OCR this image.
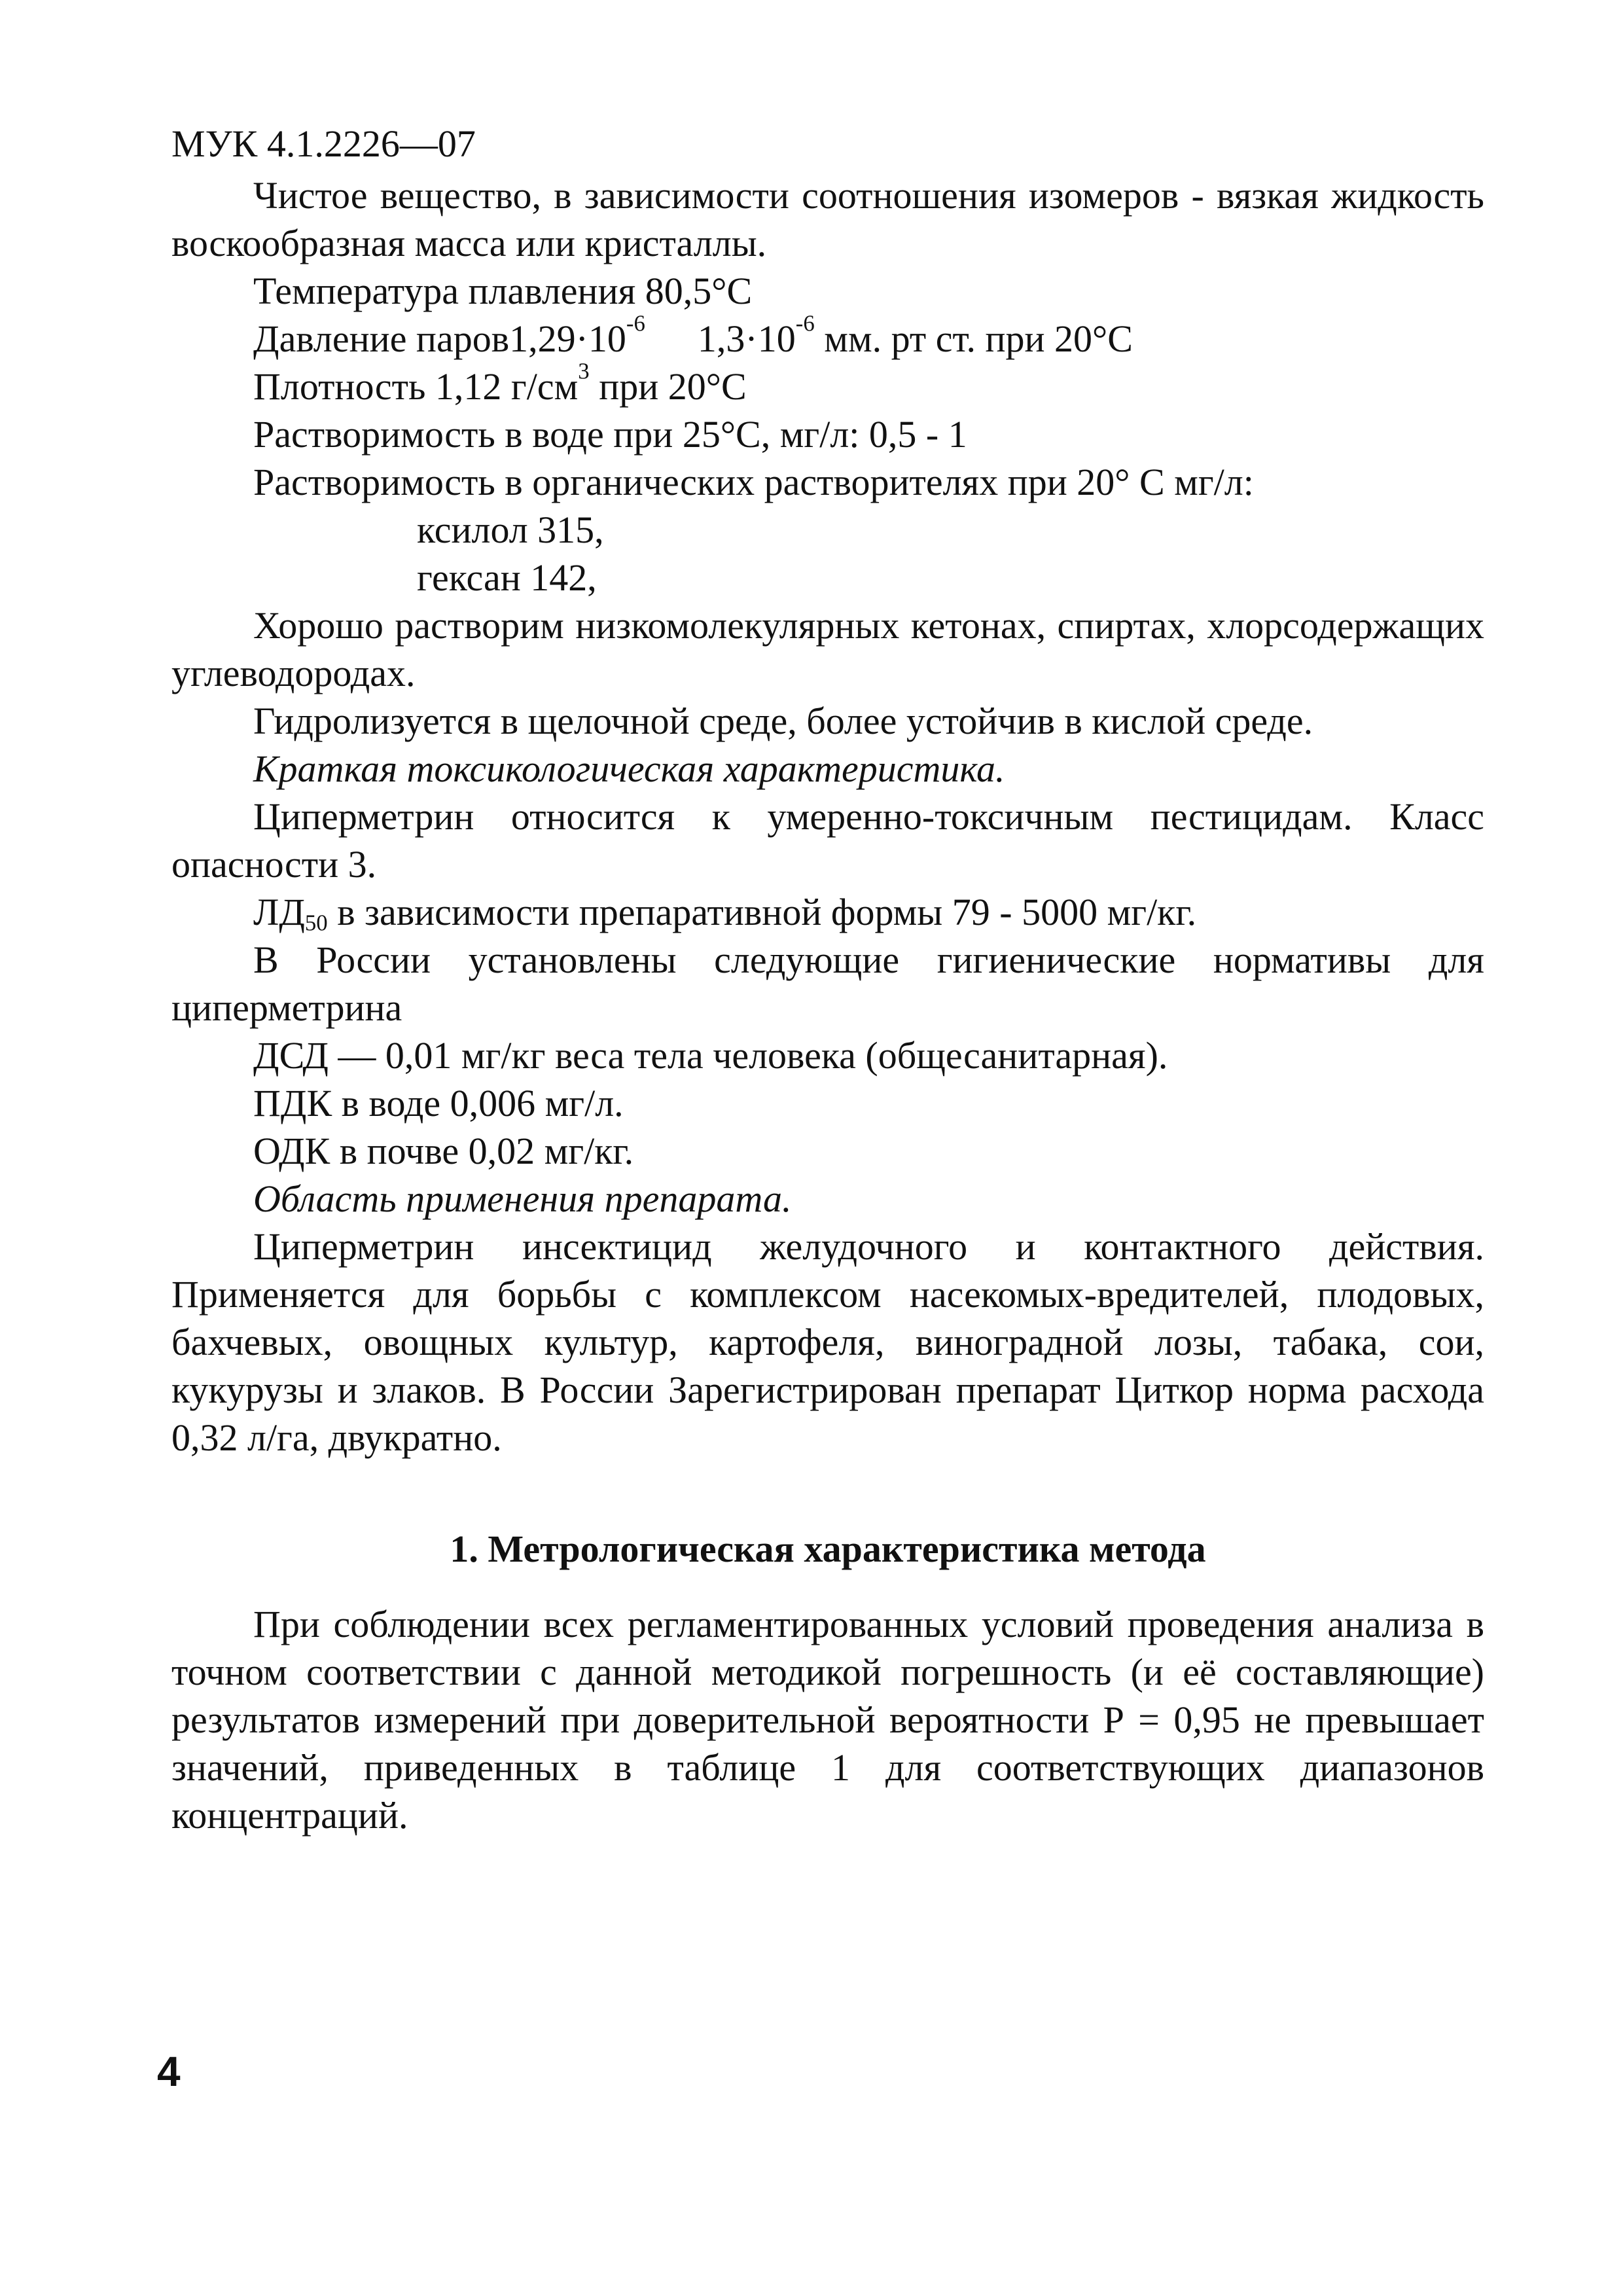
МУК 4.1.2226—07

Чистое вещество, в зависимости соотношения изомеров - вязкая жидкость воскообразная масса или кристаллы.

Температура плавления 80,5°С

Давление $паров1,29\cdot 10^{-6}$ $1,3\cdot 10^{-6}$ мм. рт ст. при 20°С

Плотность 1,12 $г/см^3$ при 20°С

Растворимость в воде при 25°С, мг/л: 0,5 - 1

Растворимость в органических растворителях при 20° С мг/л:

ксилол 315,

гексан 142,

Хорошо растворим низкомолекулярных кетонах, спиртах, хлорсодержащих углеводородах.

Гидролизуется в щелочной среде, более устойчив в кислой среде.

Краткая токсикологическая характеристика.

Циперметрин относится к умеренно-токсичным пестицидам. Класс опасности 3.

$ЛД_{50}$ в зависимости препаративной формы 79 - 5000 мг/кг.

В России установлены следующие гигиенические нормативы для циперметрина

ДСД — 0,01 мг/кг веса тела человека (общесанитарная).

ПДК в воде 0,006 мг/л.

ОДК в почве 0,02 мг/кг.

Область применения препарата.

Циперметрин инсектицид желудочного и контактного действия. Применяется для борьбы с комплексом насекомых-вредителей, плодовых, бахчевых, овощных культур, картофеля, виноградной лозы, табака, сои, кукурузы и злаков. В России Зарегистрирован препарат Циткор норма расхода 0,32 л/га, двукратно.

1. Метрологическая характеристика метода

При соблюдении всех регламентированных условий проведения анализа в точном соответствии с данной методикой погрешность (и её составляющие) результатов измерений при доверительной вероятности Р = 0,95 не превышает значений, приведенных в таблице 1 для соответствующих диапазонов концентраций.

4
